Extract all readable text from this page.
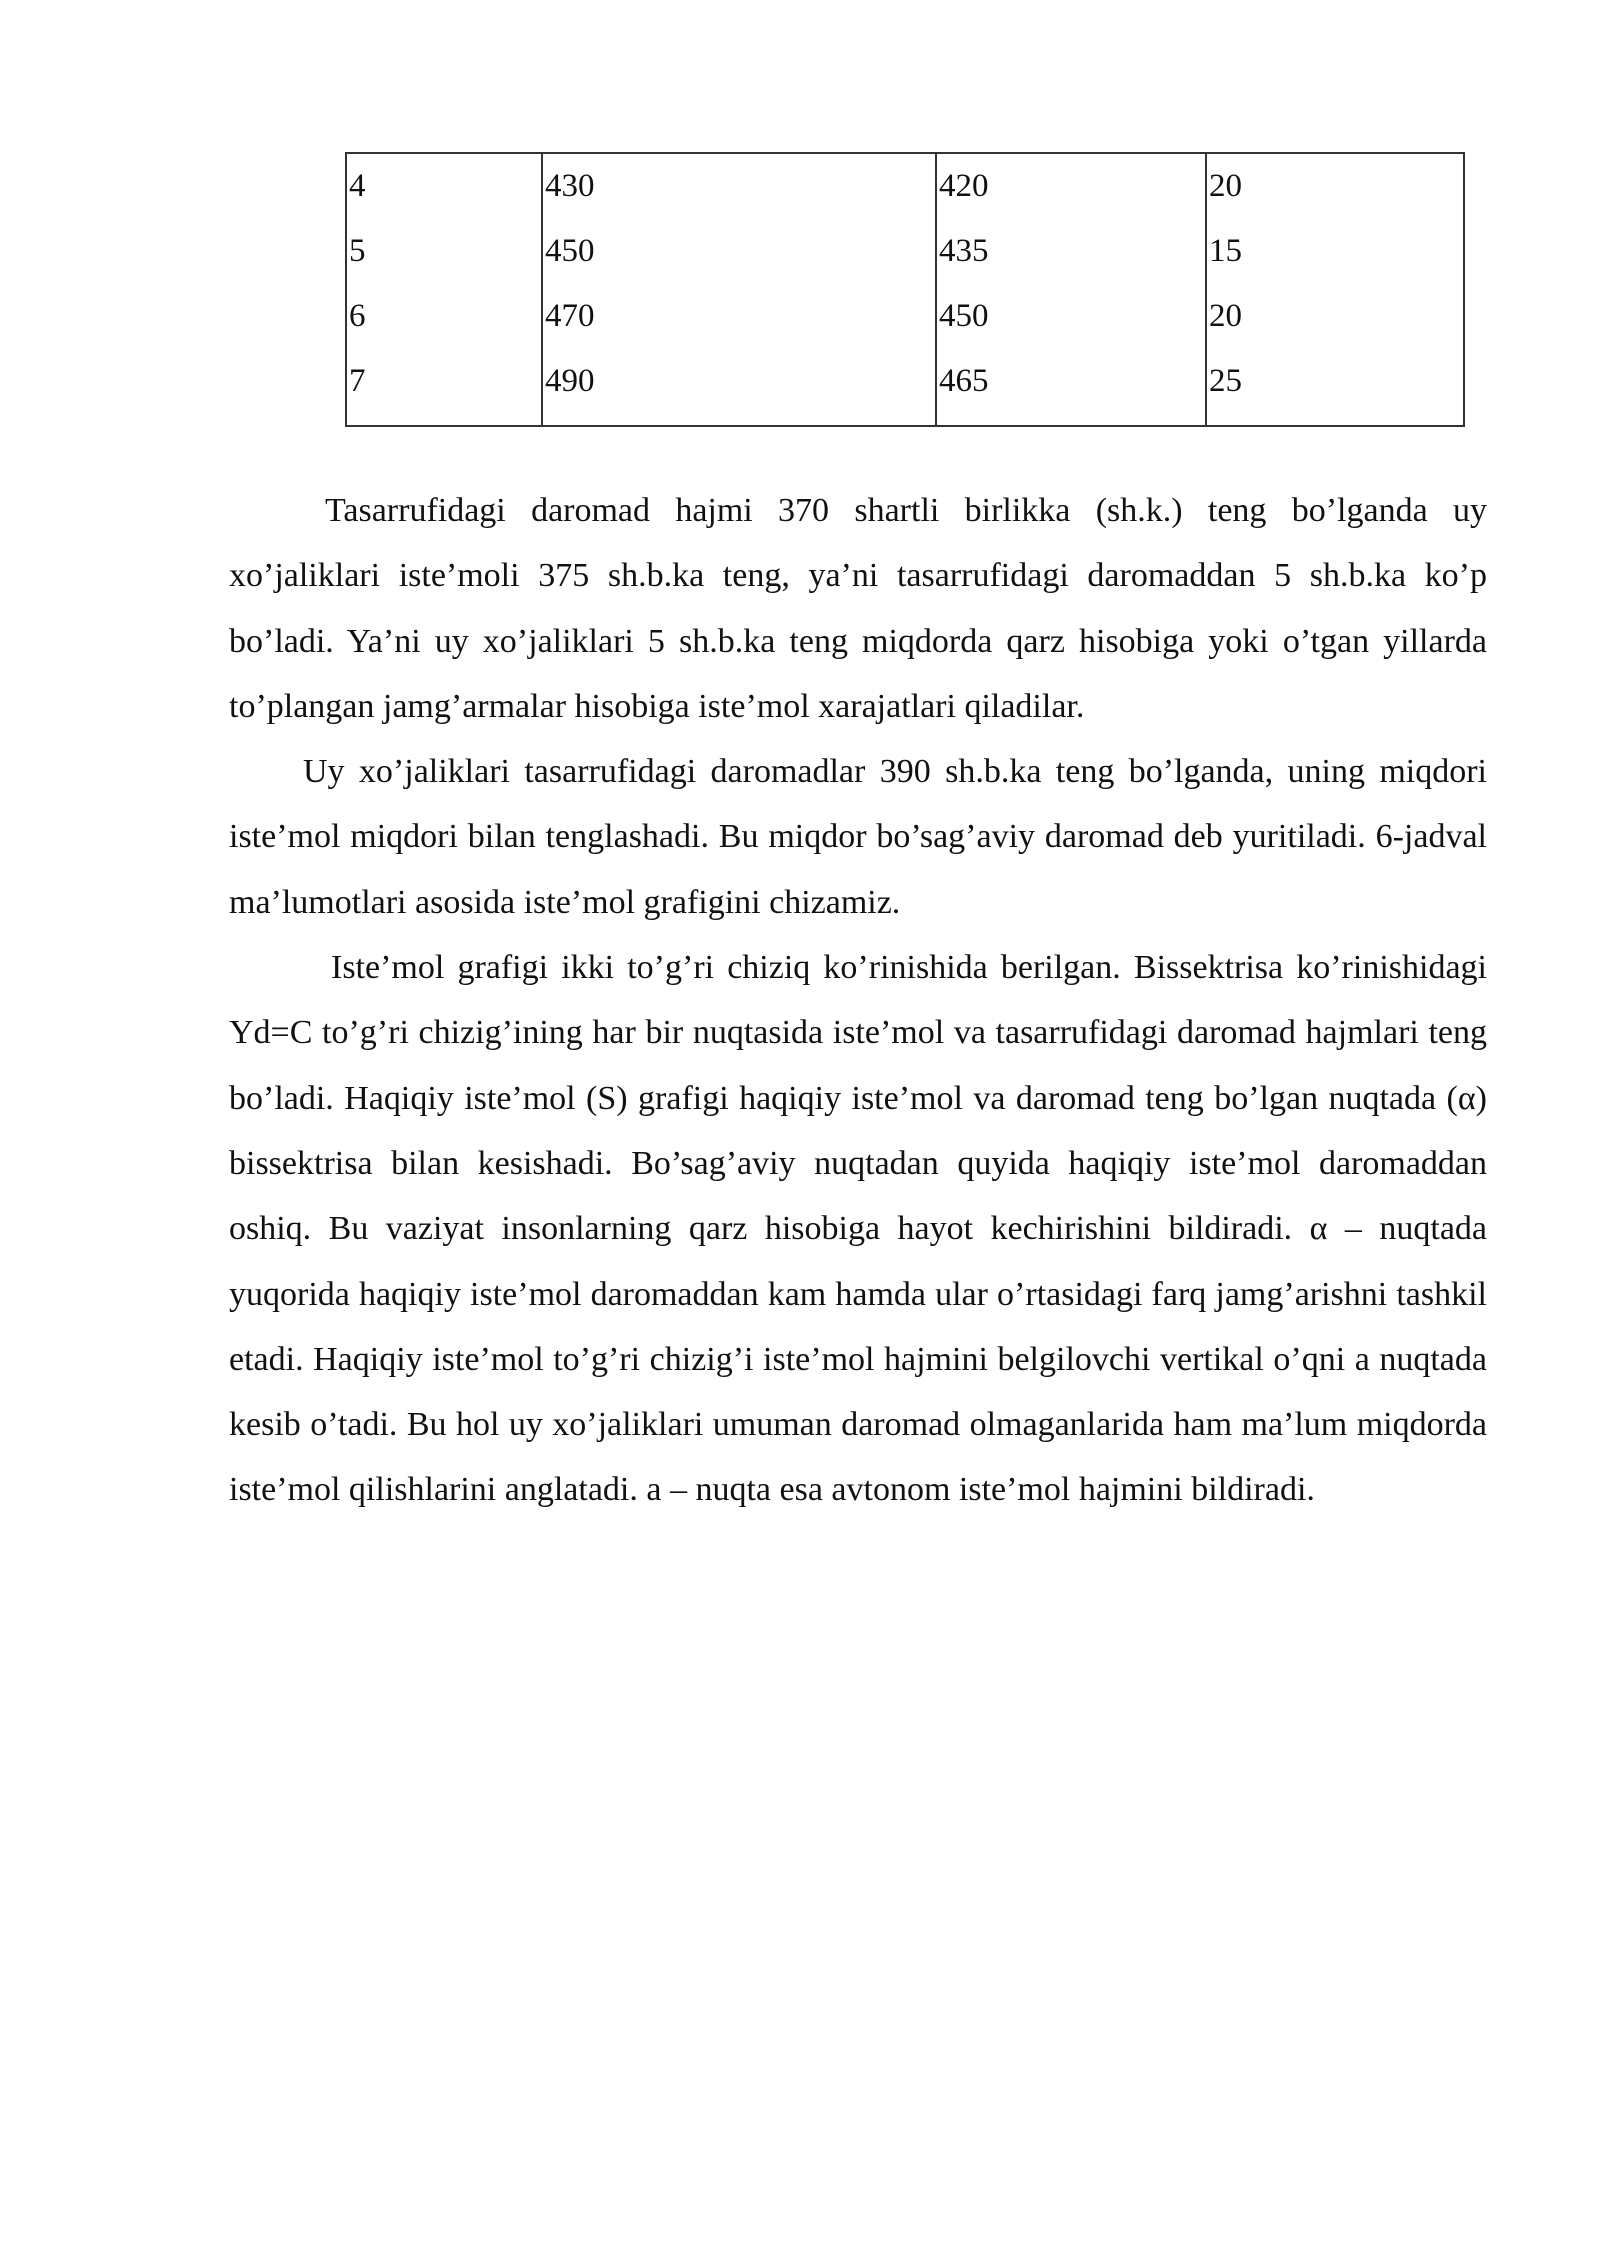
4	430	420	20
5	450	435	15
6	470	450	20
7	490	465	25

Tasarrufidagi daromad hajmi 370 shartli birlikka (sh.k.) teng bo’lganda uy xo’jaliklari iste’moli 375 sh.b.ka teng, ya’ni tasarrufidagi daromaddan 5 sh.b.ka ko’p bo’ladi. Ya’ni uy xo’jaliklari 5 sh.b.ka teng miqdorda qarz hisobiga yoki o’tgan yillarda to’plangan jamg’armalar hisobiga iste’mol xarajatlari qiladilar.

Uy xo’jaliklari tasarrufidagi daromadlar 390 sh.b.ka teng bo’lganda, uning miqdori iste’mol miqdori bilan tenglashadi. Bu miqdor bo’sag’aviy daromad deb yuritiladi. 6-jadval ma’lumotlari asosida iste’mol grafigini chizamiz.

Iste’mol grafigi ikki to’g’ri chiziq ko’rinishida berilgan. Bissektrisa ko’rinishidagi Yd=C to’g’ri chizig’ining har bir nuqtasida iste’mol va tasarrufidagi daromad hajmlari teng bo’ladi. Haqiqiy iste’mol (S) grafigi haqiqiy iste’mol va daromad teng bo’lgan nuqtada (α) bissektrisa bilan kesishadi. Bo’sag’aviy nuqtadan quyida haqiqiy iste’mol daromaddan oshiq. Bu vaziyat insonlarning qarz hisobiga hayot kechirishini bildiradi. α – nuqtada yuqorida haqiqiy iste’mol daromaddan kam hamda ular o’rtasidagi farq jamg’arishni tashkil etadi. Haqiqiy iste’mol to’g’ri chizig’i iste’mol hajmini belgilovchi vertikal o’qni a nuqtada kesib o’tadi. Bu hol uy xo’jaliklari umuman daromad olmaganlarida ham ma’lum miqdorda iste’mol qilishlarini anglatadi. a – nuqta esa avtonom iste’mol hajmini bildiradi.
